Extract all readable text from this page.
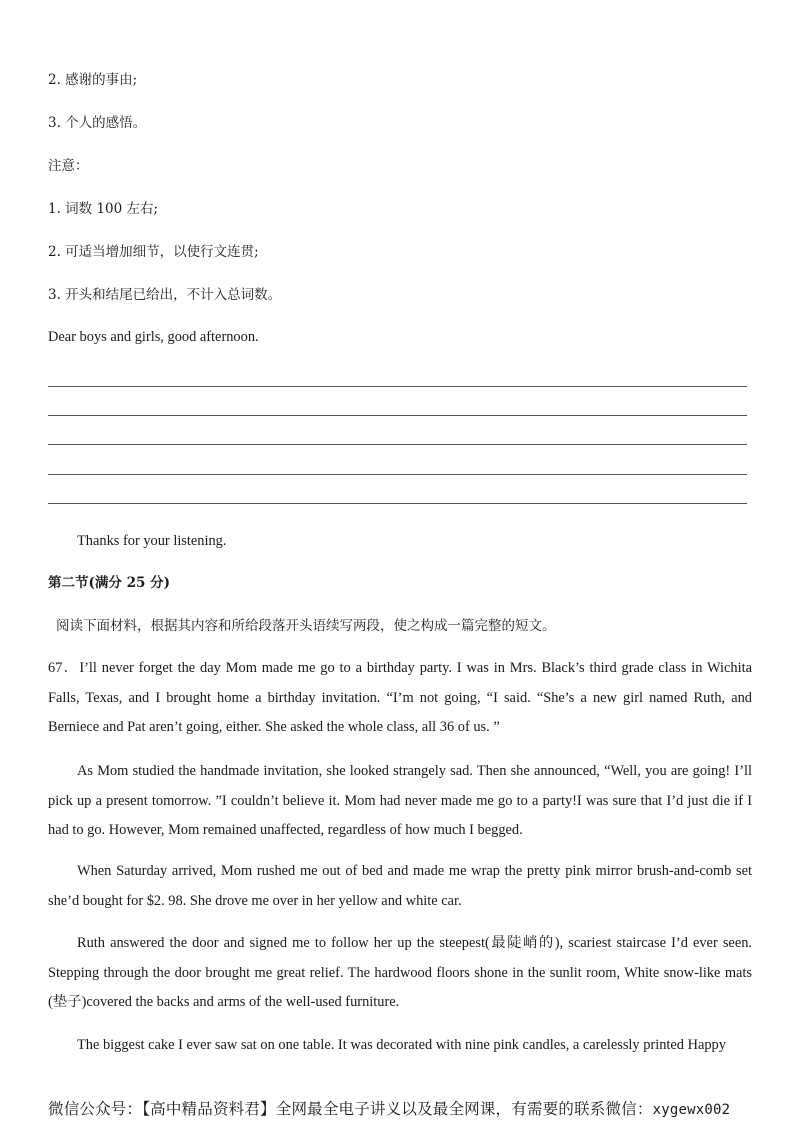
2. 感谢的事由;
3. 个人的感悟。
注意：
1. 词数 100 左右;
2. 可适当增加细节，以使行文连贯;
3. 开头和结尾已给出，不计入总词数。
Dear boys and girls, good afternoon.
Thanks for your listening.
第二节(满分 25 分)
阅读下面材料，根据其内容和所给段落开头语续写两段，使之构成一篇完整的短文。
67．I’ll never forget the day Mom made me go to a birthday party. I was in Mrs. Black’s third grade class in Wichita Falls, Texas, and I brought home a birthday invitation. “I’m not going, “I said. “She’s a new girl named Ruth, and Berniece and Pat aren’t going, either. She asked the whole class, all 36 of us. ”
As Mom studied the handmade invitation, she looked strangely sad. Then she announced, “Well, you are going! I’ll pick up a present tomorrow. ”I couldn’t believe it. Mom had never made me go to a party!I was sure that I’d just die if I had to go. However, Mom remained unaffected, regardless of how much I begged.
When Saturday arrived, Mom rushed me out of bed and made me wrap the pretty pink mirror brush-and-comb set she’d bought for $2. 98. She drove me over in her yellow and white car.
Ruth answered the door and signed me to follow her up the steepest(最陡峭的), scariest staircase I’d ever seen. Stepping through the door brought me great relief. The hardwood floors shone in the sunlit room, White snow-like mats (垫子)covered the backs and arms of the well-used furniture.
The biggest cake I ever saw sat on one table. It was decorated with nine pink candles, a carelessly printed Happy
微信公众号：【高中精品资料君】全网最全电子讲义以及最全网课，有需要的联系微信：xygewx002
